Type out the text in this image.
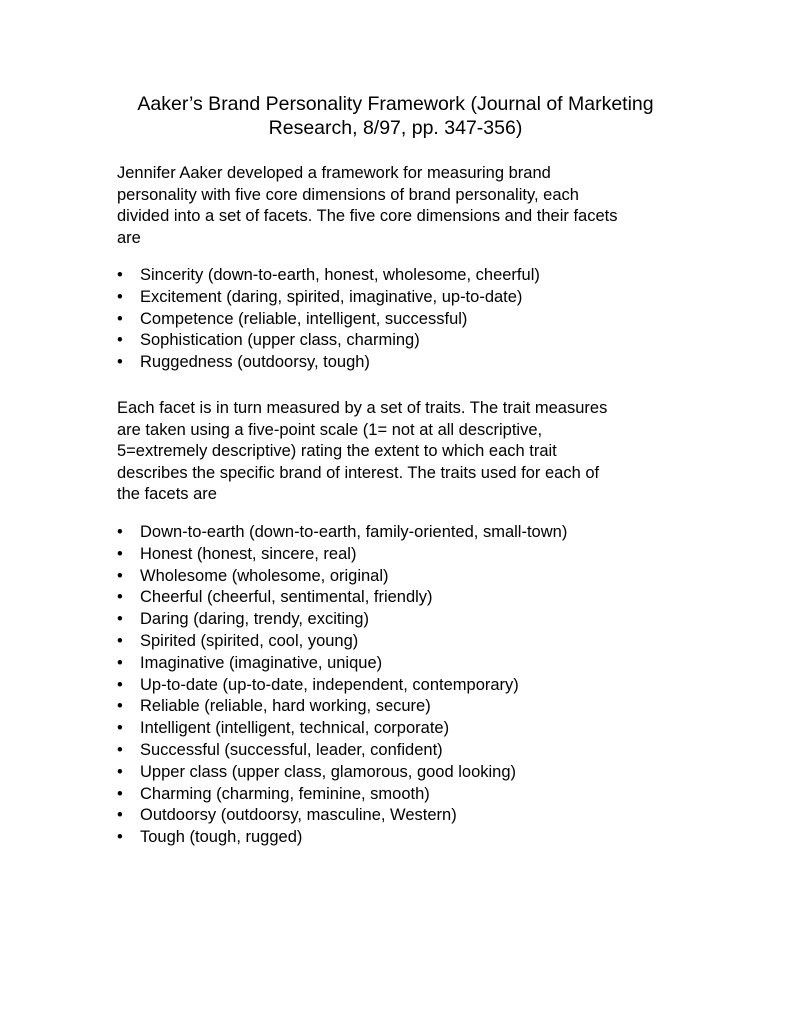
Aaker’s Brand Personality Framework (Journal of Marketing
Research, 8/97, pp. 347-356)

Jennifer Aaker developed a framework for measuring brand
personality with five core dimensions of brand personality, each
divided into a set of facets. The five core dimensions and their facets
are

• Sincerity (down-to-earth, honest, wholesome, cheerful)
• Excitement (daring, spirited, imaginative, up-to-date)
• Competence (reliable, intelligent, successful)
• Sophistication (upper class, charming)
• Ruggedness (outdoorsy, tough)

Each facet is in turn measured by a set of traits. The trait measures
are taken using a five-point scale (1= not at all descriptive,
5=extremely descriptive) rating the extent to which each trait
describes the specific brand of interest. The traits used for each of
the facets are

• Down-to-earth (down-to-earth, family-oriented, small-town)
• Honest (honest, sincere, real)
• Wholesome (wholesome, original)
• Cheerful (cheerful, sentimental, friendly)
• Daring (daring, trendy, exciting)
• Spirited (spirited, cool, young)
• Imaginative (imaginative, unique)
• Up-to-date (up-to-date, independent, contemporary)
• Reliable (reliable, hard working, secure)
• Intelligent (intelligent, technical, corporate)
• Successful (successful, leader, confident)
• Upper class (upper class, glamorous, good looking)
• Charming (charming, feminine, smooth)
• Outdoorsy (outdoorsy, masculine, Western)
• Tough (tough, rugged)
